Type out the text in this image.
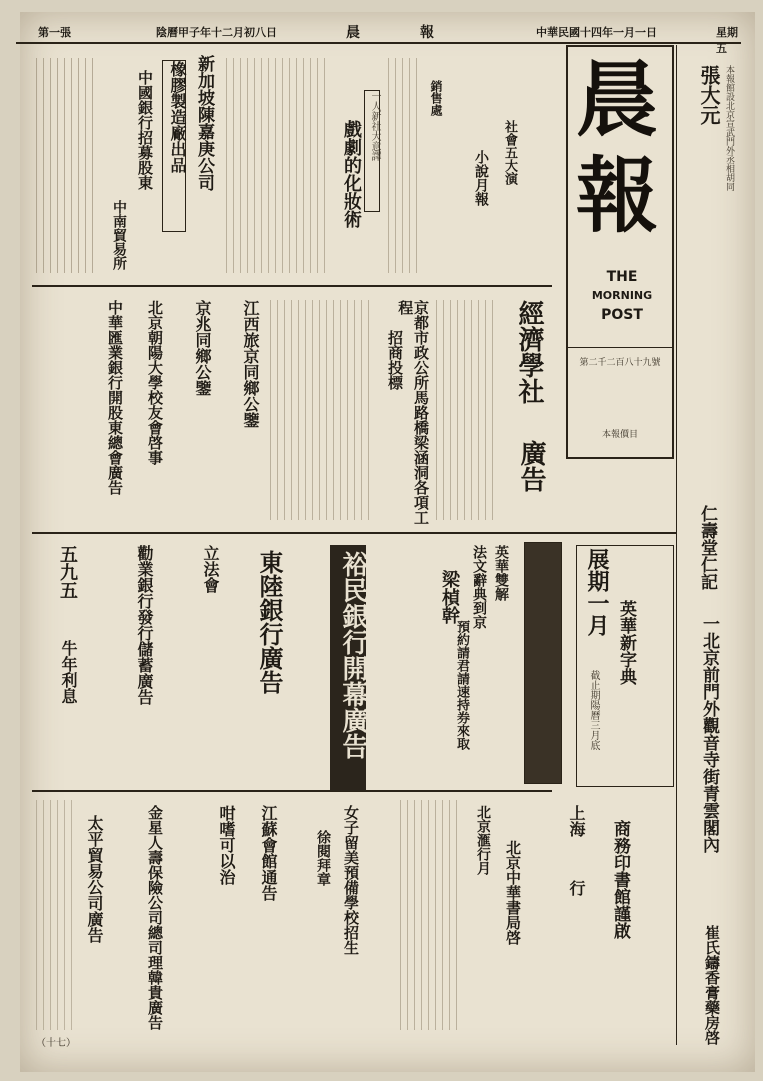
星期五
中華民國十四年一月一日
晨報
陰曆甲子年十二月初八日
第一張
晨
報
THE
MORNING
POST
第二千二百八十九號
本報價目
本報館設北京宣武門外丞相胡同
張大元
仁壽堂仁記
一北京前門外觀音寺街青雲閣內
崔氏鑄香膏藥房啓
新加坡陳嘉庚公司
橡膠製造廠出品
中國銀行招募股東
中南貿易所
戲劇的化妝術 一人新社大意譯	銷售處
小說月報	社會五大演
京都市政公所馬路橋梁涵洞各項工程
招商投標	經濟學社
廣告
江西旅京同鄉公鑒
京兆同鄉公鑒
北京朝陽大學校友會啓事
中華匯業銀行開股東總會廣告
裕民銀行開幕廣告
東陸銀行廣告	梁楨幹
勸業銀行發行儲蓄廣告
五九五
牛年利息
立法會	展期一月
英華新字典
截止期陽曆三月底
英華雙解
法文辭典到京
預約請君請速持券來取
北京中華書局啓	商務印書館謹啟
太平貿易公司廣告	金星人壽保險公司總司理韓貴廣告	咁嗜可以治	江蘇會館通告	女子留美預備學校招生
徐閱拜章	北京滙行月	上海
行
（十七）
